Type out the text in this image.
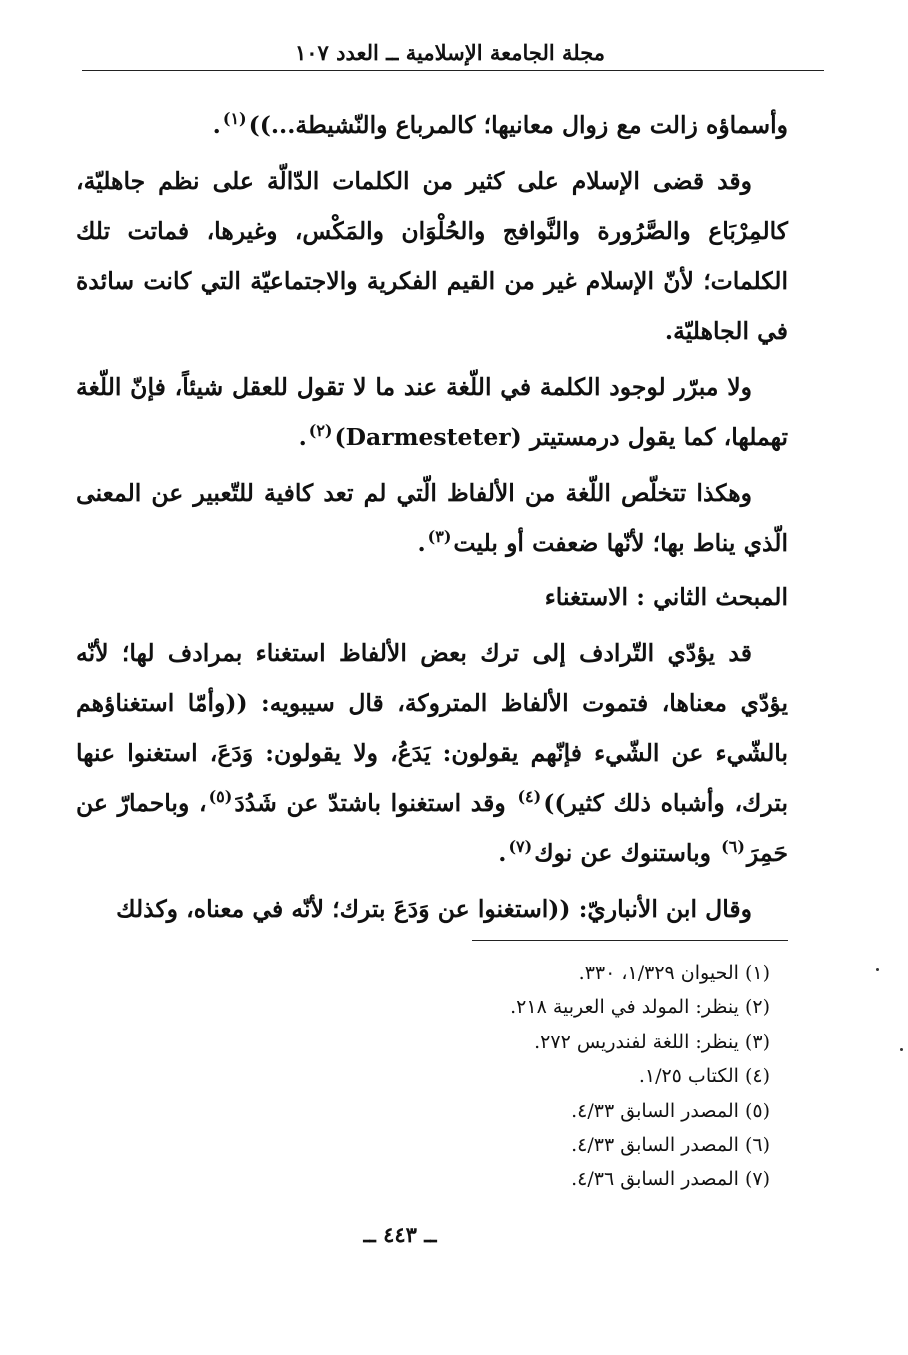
مجلة الجامعة الإسلامية ــ العدد ١٠٧

وأسماؤه زالت مع زوال معانيها؛ كالمرباع والنّشيطة...))$^{(١)}$.

وقد قضى الإسلام على كثير من الكلمات الدّالّة على نظم جاهليّة، كالمِرْبَاع والصَّرُورة والنَّوافج والحُلْوَان والمَكْس، وغيرها، فماتت تلك الكلمات؛ لأنّ الإسلام غير من القيم الفكرية والاجتماعيّة التي كانت سائدة في الجاهليّة.

ولا مبرّر لوجود الكلمة في اللّغة عند ما لا تقول للعقل شيئاً، فإنّ اللّغة تهملها، كما يقول درمستيتر (Darmesteter)$^{(٢)}$.

وهكذا تتخلّص اللّغة من الألفاظ الّتي لم تعد كافية للتّعبير عن المعنى الّذي يناط بها؛ لأنّها ضعفت أو بليت$^{(٣)}$.

المبحث الثاني : الاستغناء

قد يؤدّي التّرادف إلى ترك بعض الألفاظ استغناء بمرادف لها؛ لأنّه يؤدّي معناها، فتموت الألفاظ المتروكة، قال سيبويه: ((وأمّا استغناؤهم بالشّيء عن الشّيء فإنّهم يقولون: يَدَعُ، ولا يقولون: وَدَعَ، استغنوا عنها بترك، وأشباه ذلك كثير))$^{(٤)}$ وقد استغنوا باشتدّ عن شَدُدَ$^{(٥)}$، وباحمارّ عن حَمِرَ$^{(٦)}$ وباستنوك عن نوك$^{(٧)}$.

وقال ابن الأنباريّ: ((استغنوا عن وَدَعَ بترك؛ لأنّه في معناه، وكذلك

(١) الحيوان ١/٣٢٩، ٣٣٠.
(٢) ينظر: المولد في العربية ٢١٨.
(٣) ينظر: اللغة لفندريس ٢٧٢.
(٤) الكتاب ١/٢٥.
(٥) المصدر السابق ٤/٣٣.
(٦) المصدر السابق ٤/٣٣.
(٧) المصدر السابق ٤/٣٦.
ــ ٤٤٣ ــ
